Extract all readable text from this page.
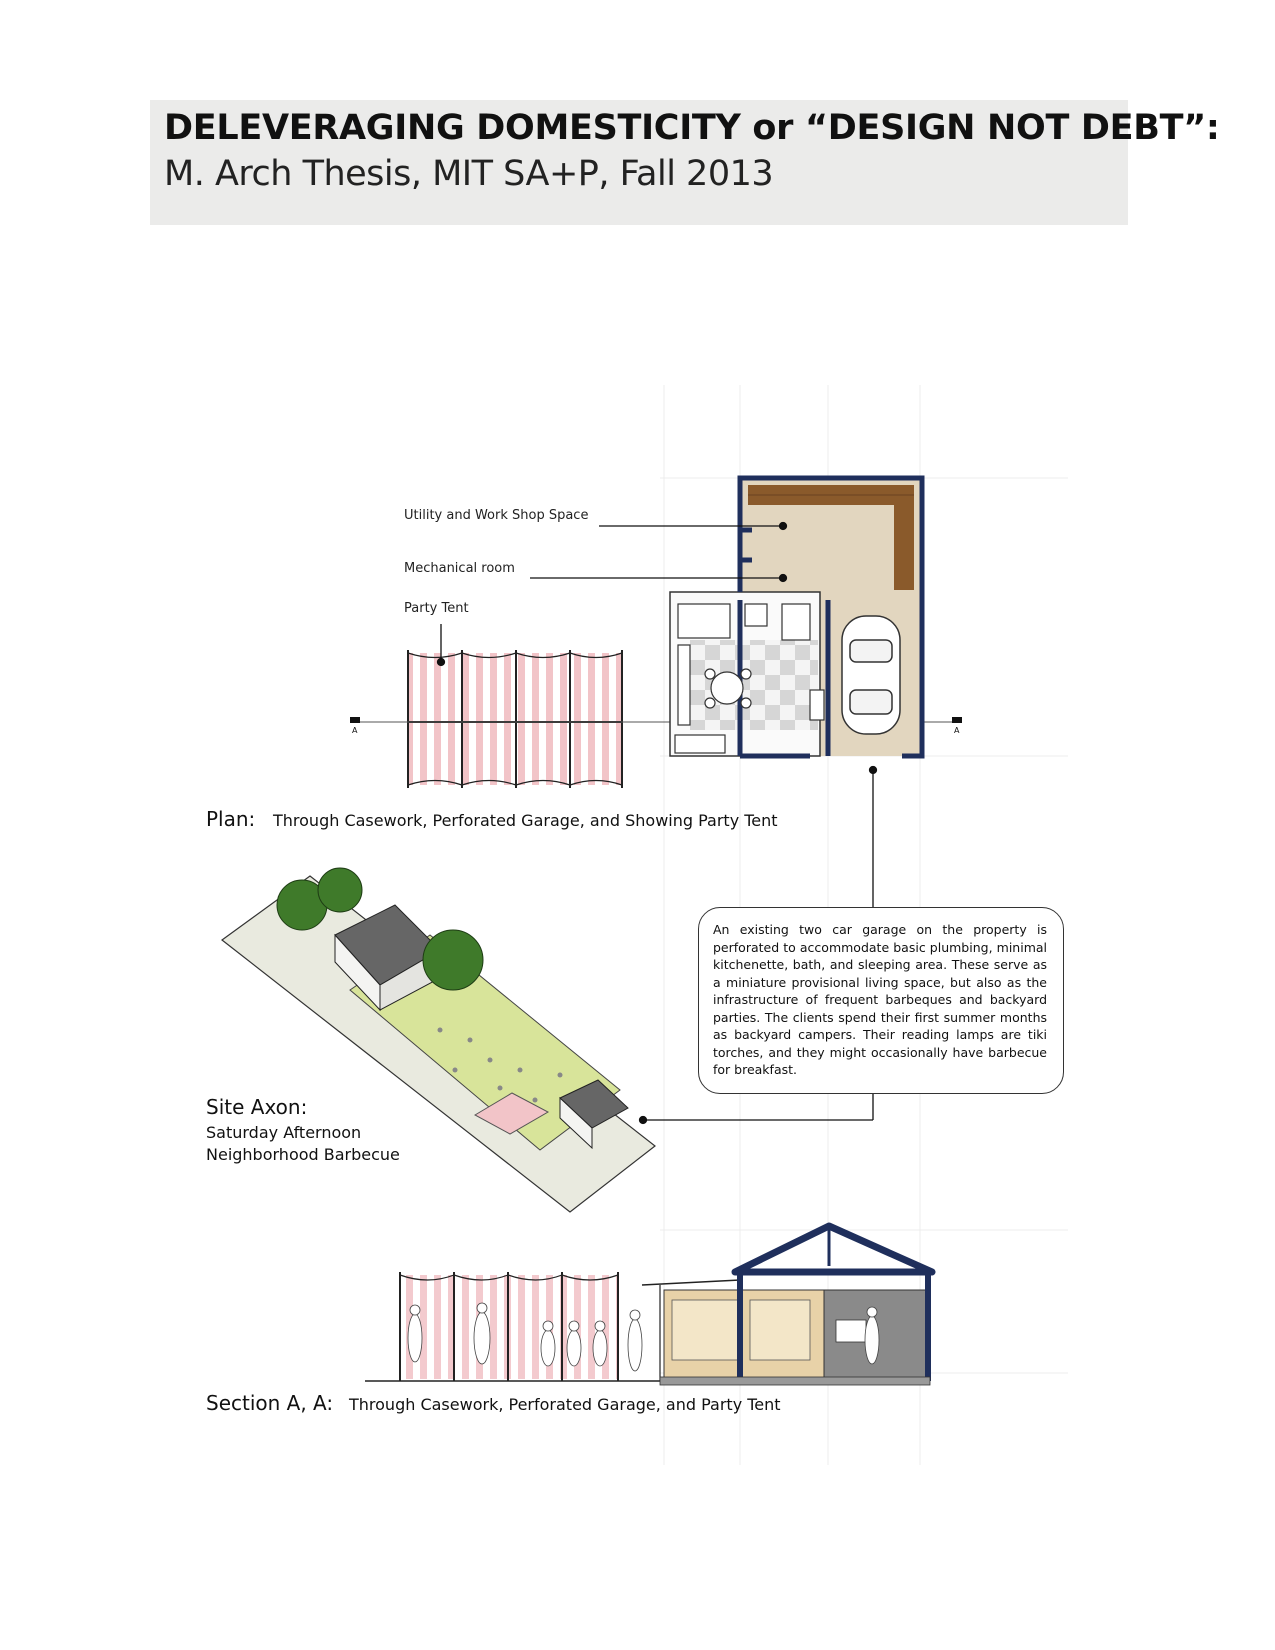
DELEVERAGING DOMESTICITY or “DESIGN NOT DEBT”:
M. Arch Thesis, MIT SA+P, Fall 2013
Utility and Work Shop Space
Mechanical room
Party Tent
A	A
Plan: Through Casework, Perforated Garage, and Showing Party Tent

An existing two car garage on the property is perforated to accommodate basic plumbing, minimal kitchenette, bath, and sleeping area. These serve as a miniature provisional living space, but also as the infrastructure of frequent barbeques and backyard parties. The clients spend their first summer months as backyard campers. Their reading lamps are tiki torches, and they might occasionally have barbecue for breakfast.

Site Axon:
Saturday Afternoon
Neighborhood Barbecue
Section A, A: Through Casework, Perforated Garage, and Party Tent
